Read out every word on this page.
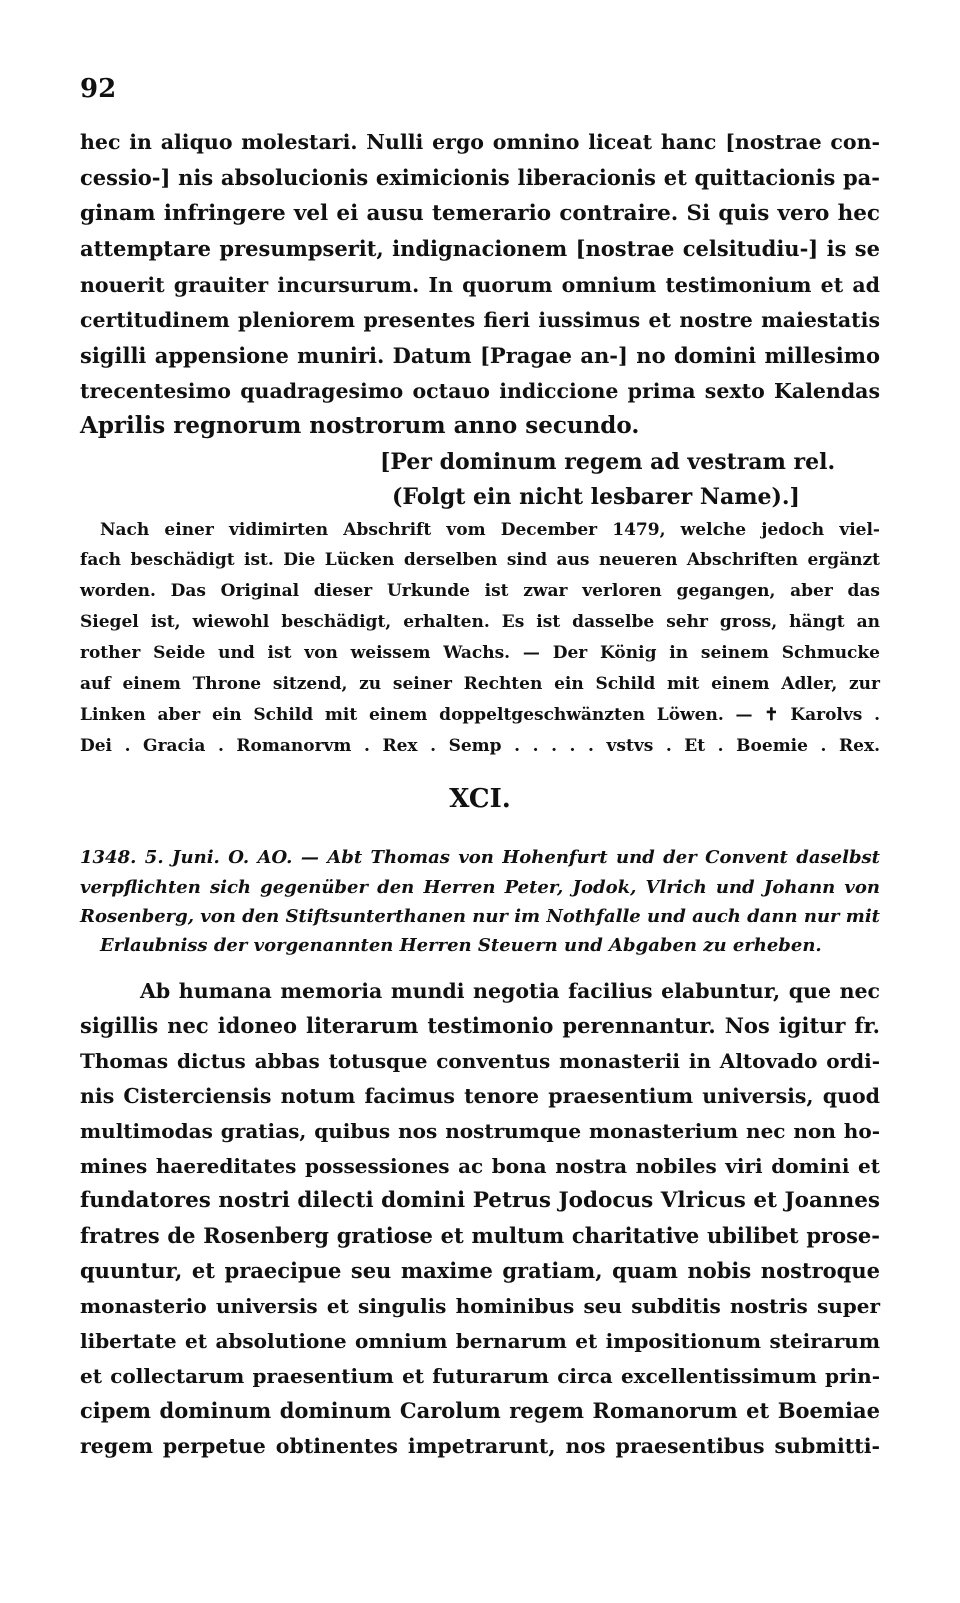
92
hec in aliquo molestari. Nulli ergo omnino liceat hanc [nostrae con-
cessio-] nis absolucionis eximicionis liberacionis et quittacionis pa-
ginam infringere vel ei ausu temerario contraire. Si quis vero hec
attemptare presumpserit, indignacionem [nostrae celsitudiu-] is se
nouerit grauiter incursurum. In quorum omnium testimonium et ad
certitudinem pleniorem presentes fieri iussimus et nostre maiestatis
sigilli appensione muniri. Datum [Pragae an-] no domini millesimo
trecentesimo quadragesimo octauo indiccione prima sexto Kalendas
Aprilis regnorum nostrorum anno secundo.
[Per dominum regem ad vestram rel.
(Folgt ein nicht lesbarer Name).]
Nach einer vidimirten Abschrift vom December 1479, welche jedoch viel-
fach beschädigt ist. Die Lücken derselben sind aus neueren Abschriften ergänzt
worden. Das Original dieser Urkunde ist zwar verloren gegangen, aber das
Siegel ist, wiewohl beschädigt, erhalten. Es ist dasselbe sehr gross, hängt an
rother Seide und ist von weissem Wachs. — Der König in seinem Schmucke
auf einem Throne sitzend, zu seiner Rechten ein Schild mit einem Adler, zur
Linken aber ein Schild mit einem doppeltgeschwänzten Löwen. — ✝ Karolvs .
Dei . Gracia . Romanorvm . Rex . Semp . . . . . vstvs . Et . Boemie . Rex.
XCI.
1348. 5. Juni. O. AO. — Abt Thomas von Hohenfurt und der Convent daselbst
verpflichten sich gegenüber den Herren Peter, Jodok, Vlrich und Johann von
Rosenberg, von den Stiftsunterthanen nur im Nothfalle und auch dann nur mit
Erlaubniss der vorgenannten Herren Steuern und Abgaben zu erheben.
Ab humana memoria mundi negotia facilius elabuntur, que nec
sigillis nec idoneo literarum testimonio perennantur. Nos igitur fr.
Thomas dictus abbas totusque conventus monasterii in Altovado ordi-
nis Cisterciensis notum facimus tenore praesentium universis, quod
multimodas gratias, quibus nos nostrumque monasterium nec non ho-
mines haereditates possessiones ac bona nostra nobiles viri domini et
fundatores nostri dilecti domini Petrus Jodocus Vlricus et Joannes
fratres de Rosenberg gratiose et multum charitative ubilibet prose-
quuntur, et praecipue seu maxime gratiam, quam nobis nostroque
monasterio universis et singulis hominibus seu subditis nostris super
libertate et absolutione omnium bernarum et impositionum steirarum
et collectarum praesentium et futurarum circa excellentissimum prin-
cipem dominum dominum Carolum regem Romanorum et Boemiae
regem perpetue obtinentes impetrarunt, nos praesentibus submitti-
